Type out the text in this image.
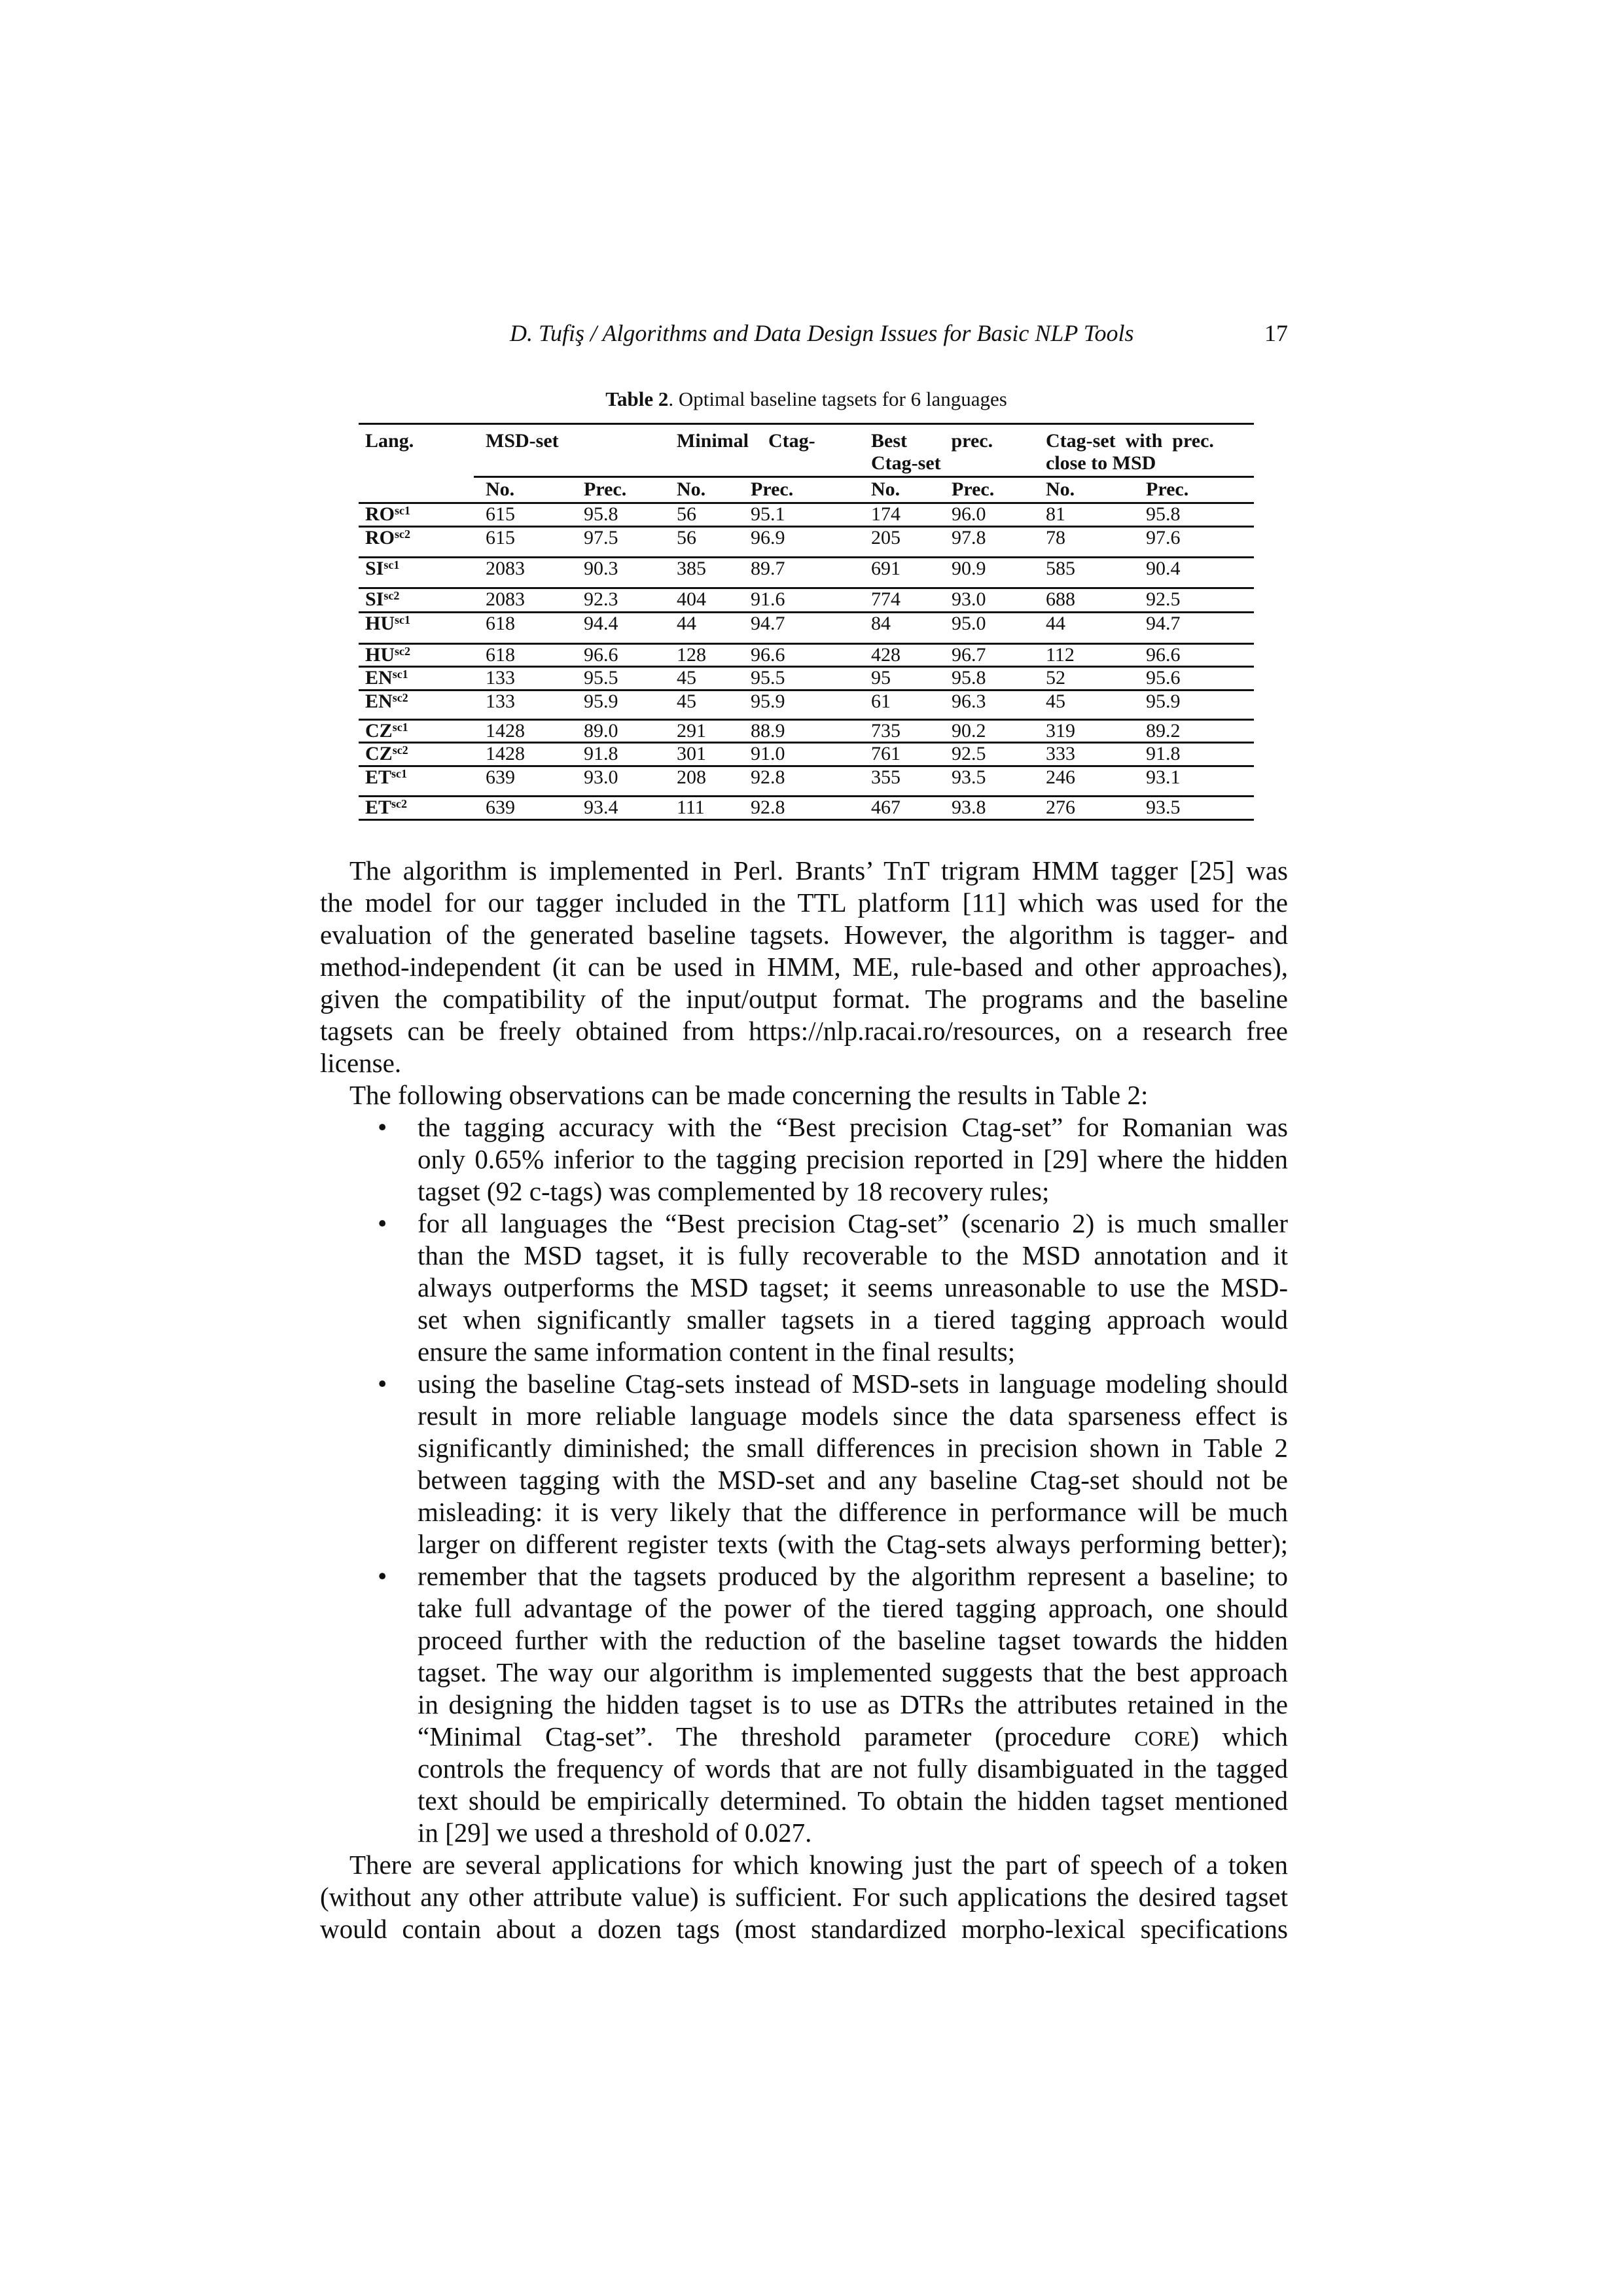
D. Tufiş / Algorithms and Data Design Issues for Basic NLP Tools	17
Table 2. Optimal baseline tagsets for 6 languages
Lang.	MSD-set	Minimal    Ctag-	Best         prec.
Ctag-set
Ctag-set  with  prec.
close to MSD
No.	Prec.	No. Prec.	No.	Prec.	No.	Prec.
$RO^{sc1}$	615	95.8	56	95.1	174	96.0	81	95.8
$RO^{sc2}$	615	97.5	56	96.9	205	97.8	78	97.6
$SI^{sc1}$	2083	90.3	385 89.7	691	90.9	585	90.4
$SI^{sc2}$	2083	92.3	404 91.6	774	93.0	688	92.5
$HU^{sc1}$	618	94.4	44	94.7	84	95.0	44	94.7
$HU^{sc2}$	618	96.6	128 96.6	428	96.7	112	96.6
$EN^{sc1}$	133	95.5	45	95.5	95	95.8	52	95.6
$EN^{sc2}$	133	95.9	45	95.9	61	96.3	45	95.9
$CZ^{sc1}$	1428	89.0	291 88.9	735	90.2	319	89.2
$CZ^{sc2}$	1428	91.8	301 91.0	761	92.5	333	91.8
$ET^{sc1}$	639	93.0	208 92.8	355	93.5	246	93.1
$ET^{sc2}$	639	93.4	111 92.8	467	93.8	276	93.5
The algorithm is implemented in Perl. Brants’ TnT trigram HMM tagger [25] was
the model for our tagger included in the TTL platform [11] which was used for the
evaluation of the generated baseline tagsets. However, the algorithm is tagger- and
method-independent (it can be used in HMM, ME, rule-based and other approaches),
given the compatibility of the input/output format. The programs and the baseline
tagsets can be freely obtained from https://nlp.racai.ro/resources, on a research free
license.
The following observations can be made concerning the results in Table 2:
• the tagging accuracy with the “Best precision Ctag-set” for Romanian was
only 0.65% inferior to the tagging precision reported in [29] where the hidden
tagset (92 c-tags) was complemented by 18 recovery rules;
• for all languages the “Best precision Ctag-set” (scenario 2) is much smaller
than the MSD tagset, it is fully recoverable to the MSD annotation and it
always outperforms the MSD tagset; it seems unreasonable to use the MSD-
set when significantly smaller tagsets in a tiered tagging approach would
ensure the same information content in the final results;
• using the baseline Ctag-sets instead of MSD-sets in language modeling should
result in more reliable language models since the data sparseness effect is
significantly diminished; the small differences in precision shown in Table 2
between tagging with the MSD-set and any baseline Ctag-set should not be
misleading: it is very likely that the difference in performance will be much
larger on different register texts (with the Ctag-sets always performing better);
• remember that the tagsets produced by the algorithm represent a baseline; to
take full advantage of the power of the tiered tagging approach, one should
proceed further with the reduction of the baseline tagset towards the hidden
tagset. The way our algorithm is implemented suggests that the best approach
in designing the hidden tagset is to use as DTRs the attributes retained in the
“Minimal Ctag-set”. The threshold parameter (procedure CORE) which
controls the frequency of words that are not fully disambiguated in the tagged
text should be empirically determined. To obtain the hidden tagset mentioned
in [29] we used a threshold of 0.027.
There are several applications for which knowing just the part of speech of a token
(without any other attribute value) is sufficient. For such applications the desired tagset
would contain about a dozen tags (most standardized morpho-lexical specifications
